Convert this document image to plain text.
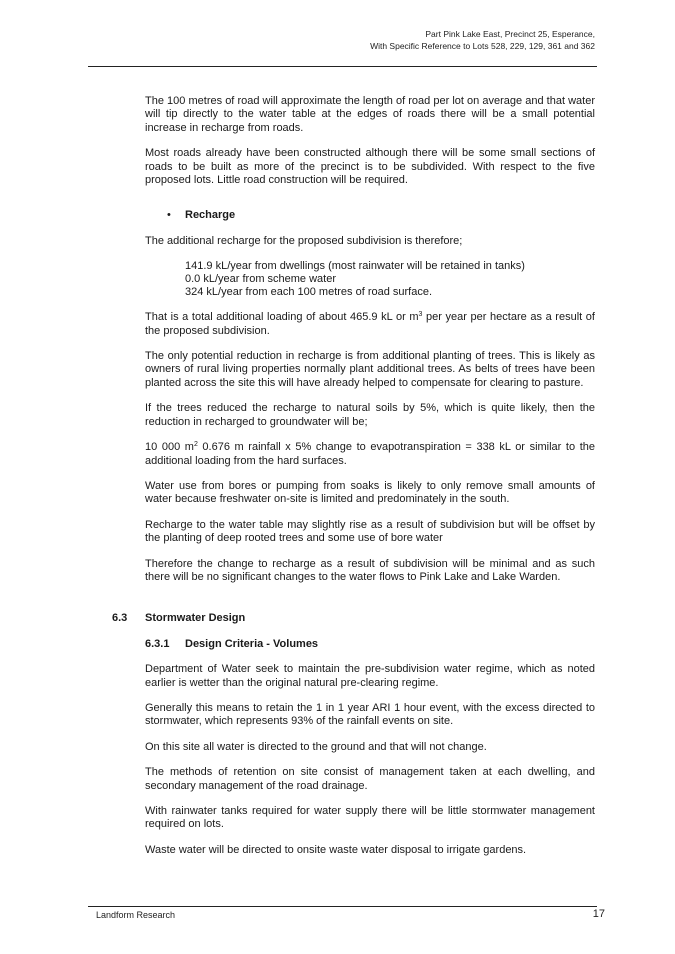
Part Pink Lake East, Precinct 25, Esperance,
With Specific Reference to Lots 528, 229, 129, 361 and 362

The 100 metres of road will approximate the length of road per lot on average and that water will tip directly to the water table at the edges of roads there will be a small potential increase in recharge from roads.

Most roads already have been constructed although there will be some small sections of roads to be built as more of the precinct is to be subdivided. With respect to the five proposed lots. Little road construction will be required.

• Recharge

The additional recharge for the proposed subdivision is therefore;

141.9 kL/year from dwellings (most rainwater will be retained in tanks)
0.0 kL/year from scheme water
324 kL/year from each 100 metres of road surface.

That is a total additional loading of about 465.9 kL or $m^3$ per year per hectare as a result of the proposed subdivision.

The only potential reduction in recharge is from additional planting of trees. This is likely as owners of rural living properties normally plant additional trees. As belts of trees have been planted across the site this will have already helped to compensate for clearing to pasture.

If the trees reduced the recharge to natural soils by 5%, which is quite likely, then the reduction in recharged to groundwater will be;

10 000 $m^2$ 0.676 m rainfall x 5% change to evapotranspiration = 338 kL or similar to the additional loading from the hard surfaces.

Water use from bores or pumping from soaks is likely to only remove small amounts of water because freshwater on-site is limited and predominately in the south.

Recharge to the water table may slightly rise as a result of subdivision but will be offset by the planting of deep rooted trees and some use of bore water

Therefore the change to recharge as a result of subdivision will be minimal and as such there will be no significant changes to the water flows to Pink Lake and Lake Warden.

6.3 Stormwater Design
6.3.1 Design Criteria - Volumes

Department of Water seek to maintain the pre-subdivision water regime, which as noted earlier is wetter than the original natural pre-clearing regime.

Generally this means to retain the 1 in 1 year ARI 1 hour event, with the excess directed to stormwater, which represents 93% of the rainfall events on site.

On this site all water is directed to the ground and that will not change.

The methods of retention on site consist of management taken at each dwelling, and secondary management of the road drainage.

With rainwater tanks required for water supply there will be little stormwater management required on lots.

Waste water will be directed to onsite waste water disposal to irrigate gardens.

Landform Research	17
